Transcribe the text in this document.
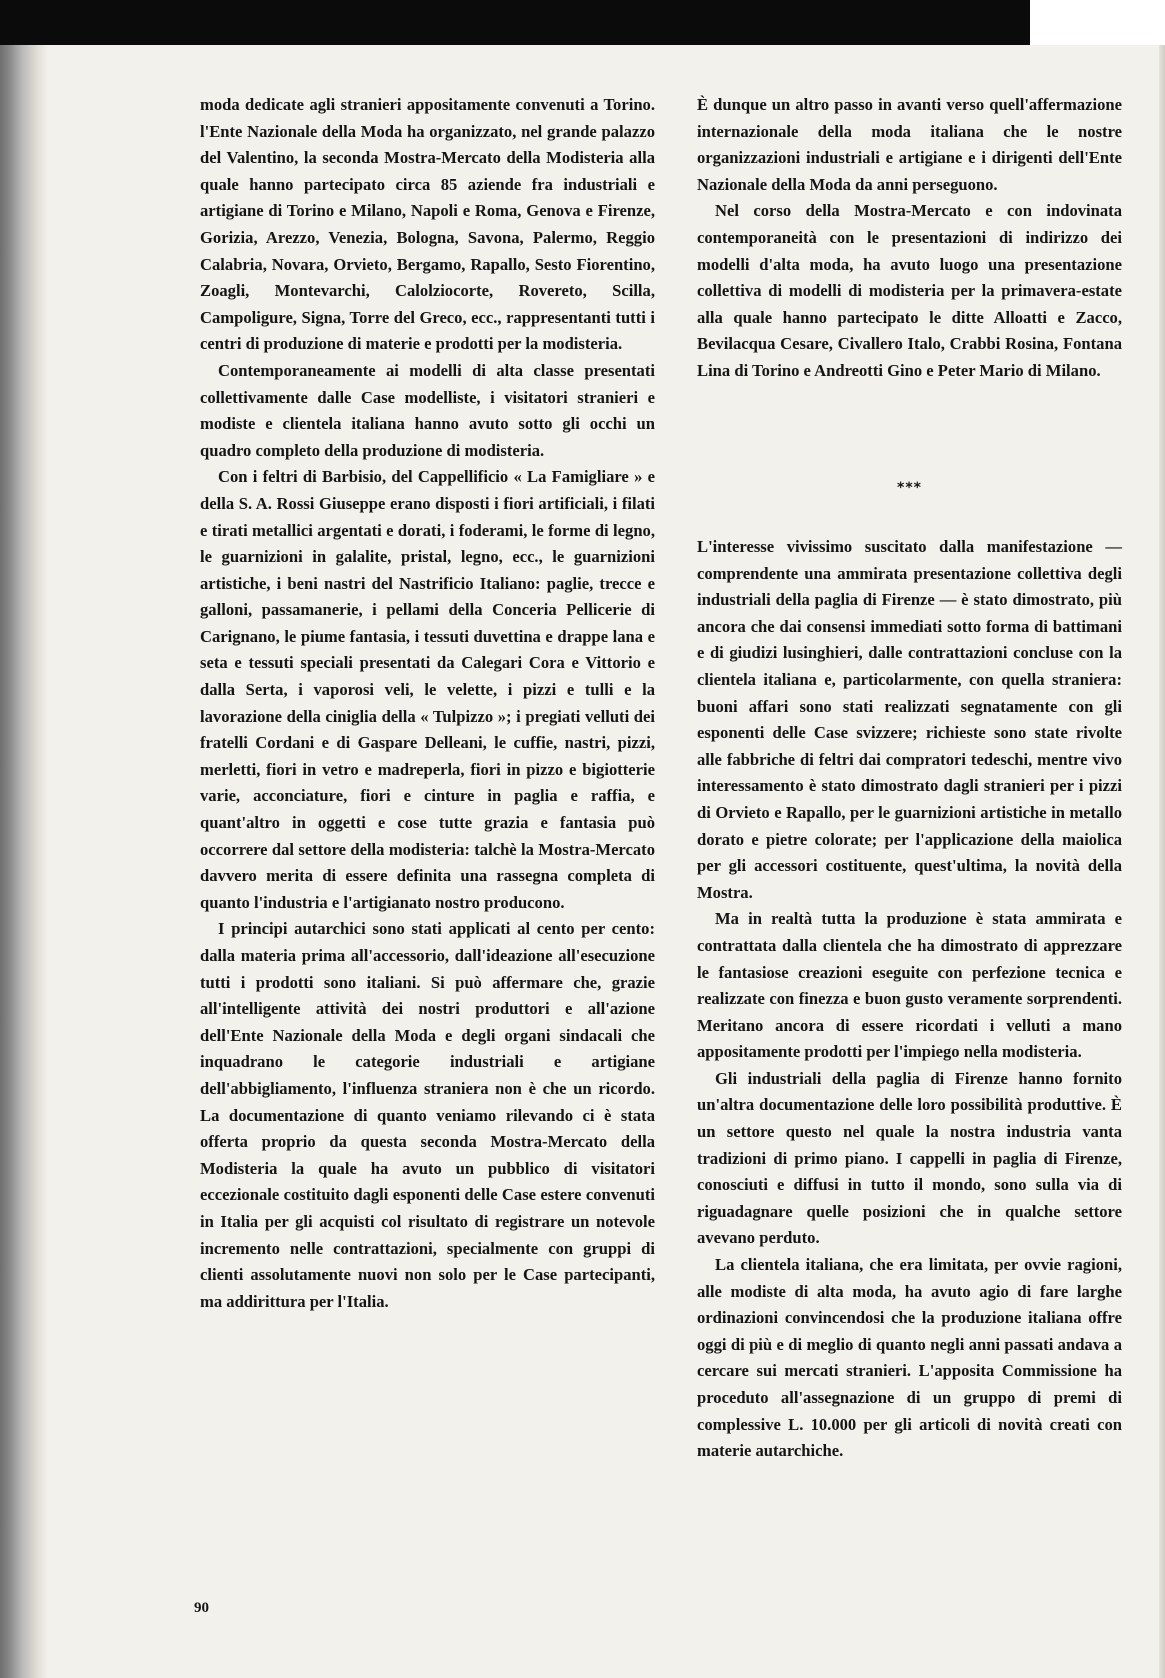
moda dedicate agli stranieri appositamente convenuti a Torino. l'Ente Nazionale della Moda ha organizzato, nel grande palazzo del Valentino, la seconda Mostra-Mercato della Modisteria alla quale hanno partecipato circa 85 aziende fra industriali e artigiane di Torino e Milano, Napoli e Roma, Genova e Firenze, Gorizia, Arezzo, Venezia, Bologna, Savona, Palermo, Reggio Calabria, Novara, Orvieto, Bergamo, Rapallo, Sesto Fiorentino, Zoagli, Montevarchi, Calolziocorte, Rovereto, Scilla, Campoligure, Signa, Torre del Greco, ecc., rappresentanti tutti i centri di produzione di materie e prodotti per la modisteria.

Contemporaneamente ai modelli di alta classe presentati collettivamente dalle Case modelliste, i visitatori stranieri e modiste e clientela italiana hanno avuto sotto gli occhi un quadro completo della produzione di modisteria.

Con i feltri di Barbisio, del Cappellificio « La Famigliare » e della S. A. Rossi Giuseppe erano disposti i fiori artificiali, i filati e tirati metallici argentati e dorati, i foderami, le forme di legno, le guarnizioni in galalite, pristal, legno, ecc., le guarnizioni artistiche, i beni nastri del Nastrificio Italiano: paglie, trecce e galloni, passamanerie, i pellami della Conceria Pellicerie di Carignano, le piume fantasia, i tessuti duvettina e drappe lana e seta e tessuti speciali presentati da Calegari Cora e Vittorio e dalla Serta, i vaporosi veli, le velette, i pizzi e tulli e la lavorazione della ciniglia della « Tulpizzo »; i pregiati velluti dei fratelli Cordani e di Gaspare Delleani, le cuffie, nastri, pizzi, merletti, fiori in vetro e madreperla, fiori in pizzo e bigiotterie varie, acconciature, fiori e cinture in paglia e raffia, e quant'altro in oggetti e cose tutte grazia e fantasia può occorrere dal settore della modisteria: talchè la Mostra-Mercato davvero merita di essere definita una rassegna completa di quanto l'industria e l'artigianato nostro producono.

I principi autarchici sono stati applicati al cento per cento: dalla materia prima all'accessorio, dall'ideazione all'esecuzione tutti i prodotti sono italiani. Si può affermare che, grazie all'intelligente attività dei nostri produttori e all'azione dell'Ente Nazionale della Moda e degli organi sindacali che inquadrano le categorie industriali e artigiane dell'abbigliamento, l'influenza straniera non è che un ricordo. La documentazione di quanto veniamo rilevando ci è stata offerta proprio da questa seconda Mostra-Mercato della Modisteria la quale ha avuto un pubblico di visitatori eccezionale costituito dagli esponenti delle Case estere convenuti in Italia per gli acquisti col risultato di registrare un notevole incremento nelle contrattazioni, specialmente con gruppi di clienti assolutamente nuovi non solo per le Case partecipanti, ma addirittura per l'Italia.

È dunque un altro passo in avanti verso quell'affermazione internazionale della moda italiana che le nostre organizzazioni industriali e artigiane e i dirigenti dell'Ente Nazionale della Moda da anni perseguono.

Nel corso della Mostra-Mercato e con indovinata contemporaneità con le presentazioni di indirizzo dei modelli d'alta moda, ha avuto luogo una presentazione collettiva di modelli di modisteria per la primavera-estate alla quale hanno partecipato le ditte Alloatti e Zacco, Bevilacqua Cesare, Civallero Italo, Crabbi Rosina, Fontana Lina di Torino e Andreotti Gino e Peter Mario di Milano.

***

L'interesse vivissimo suscitato dalla manifestazione — comprendente una ammirata presentazione collettiva degli industriali della paglia di Firenze — è stato dimostrato, più ancora che dai consensi immediati sotto forma di battimani e di giudizi lusinghieri, dalle contrattazioni concluse con la clientela italiana e, particolarmente, con quella straniera: buoni affari sono stati realizzati segnatamente con gli esponenti delle Case svizzere; richieste sono state rivolte alle fabbriche di feltri dai compratori tedeschi, mentre vivo interessamento è stato dimostrato dagli stranieri per i pizzi di Orvieto e Rapallo, per le guarnizioni artistiche in metallo dorato e pietre colorate; per l'applicazione della maiolica per gli accessori costituente, quest'ultima, la novità della Mostra.

Ma in realtà tutta la produzione è stata ammirata e contrattata dalla clientela che ha dimostrato di apprezzare le fantasiose creazioni eseguite con perfezione tecnica e realizzate con finezza e buon gusto veramente sorprendenti. Meritano ancora di essere ricordati i velluti a mano appositamente prodotti per l'impiego nella modisteria.

Gli industriali della paglia di Firenze hanno fornito un'altra documentazione delle loro possibilità produttive. È un settore questo nel quale la nostra industria vanta tradizioni di primo piano. I cappelli in paglia di Firenze, conosciuti e diffusi in tutto il mondo, sono sulla via di riguadagnare quelle posizioni che in qualche settore avevano perduto.

La clientela italiana, che era limitata, per ovvie ragioni, alle modiste di alta moda, ha avuto agio di fare larghe ordinazioni convincendosi che la produzione italiana offre oggi di più e di meglio di quanto negli anni passati andava a cercare sui mercati stranieri. L'apposita Commissione ha proceduto all'assegnazione di un gruppo di premi di complessive L. 10.000 per gli articoli di novità creati con materie autarchiche.

90
